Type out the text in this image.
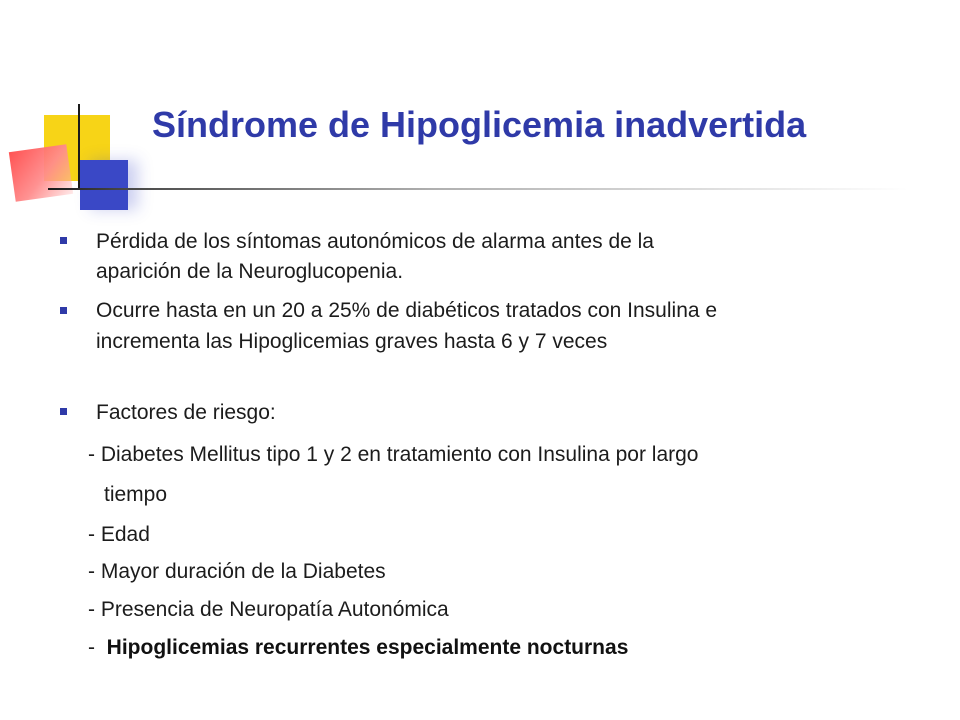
Síndrome de Hipoglicemia inadvertida
Pérdida de los síntomas autonómicos de alarma antes de la
aparición de la Neuroglucopenia.
Ocurre hasta en un 20 a 25% de diabéticos tratados con Insulina e
incrementa las Hipoglicemias graves hasta 6 y 7 veces
Factores de riesgo:
- Diabetes Mellitus tipo 1 y 2 en tratamiento con Insulina por largo
tiempo
- Edad
- Mayor duración de la Diabetes
- Presencia de Neuropatía Autonómica
-  Hipoglicemias recurrentes especialmente nocturnas
